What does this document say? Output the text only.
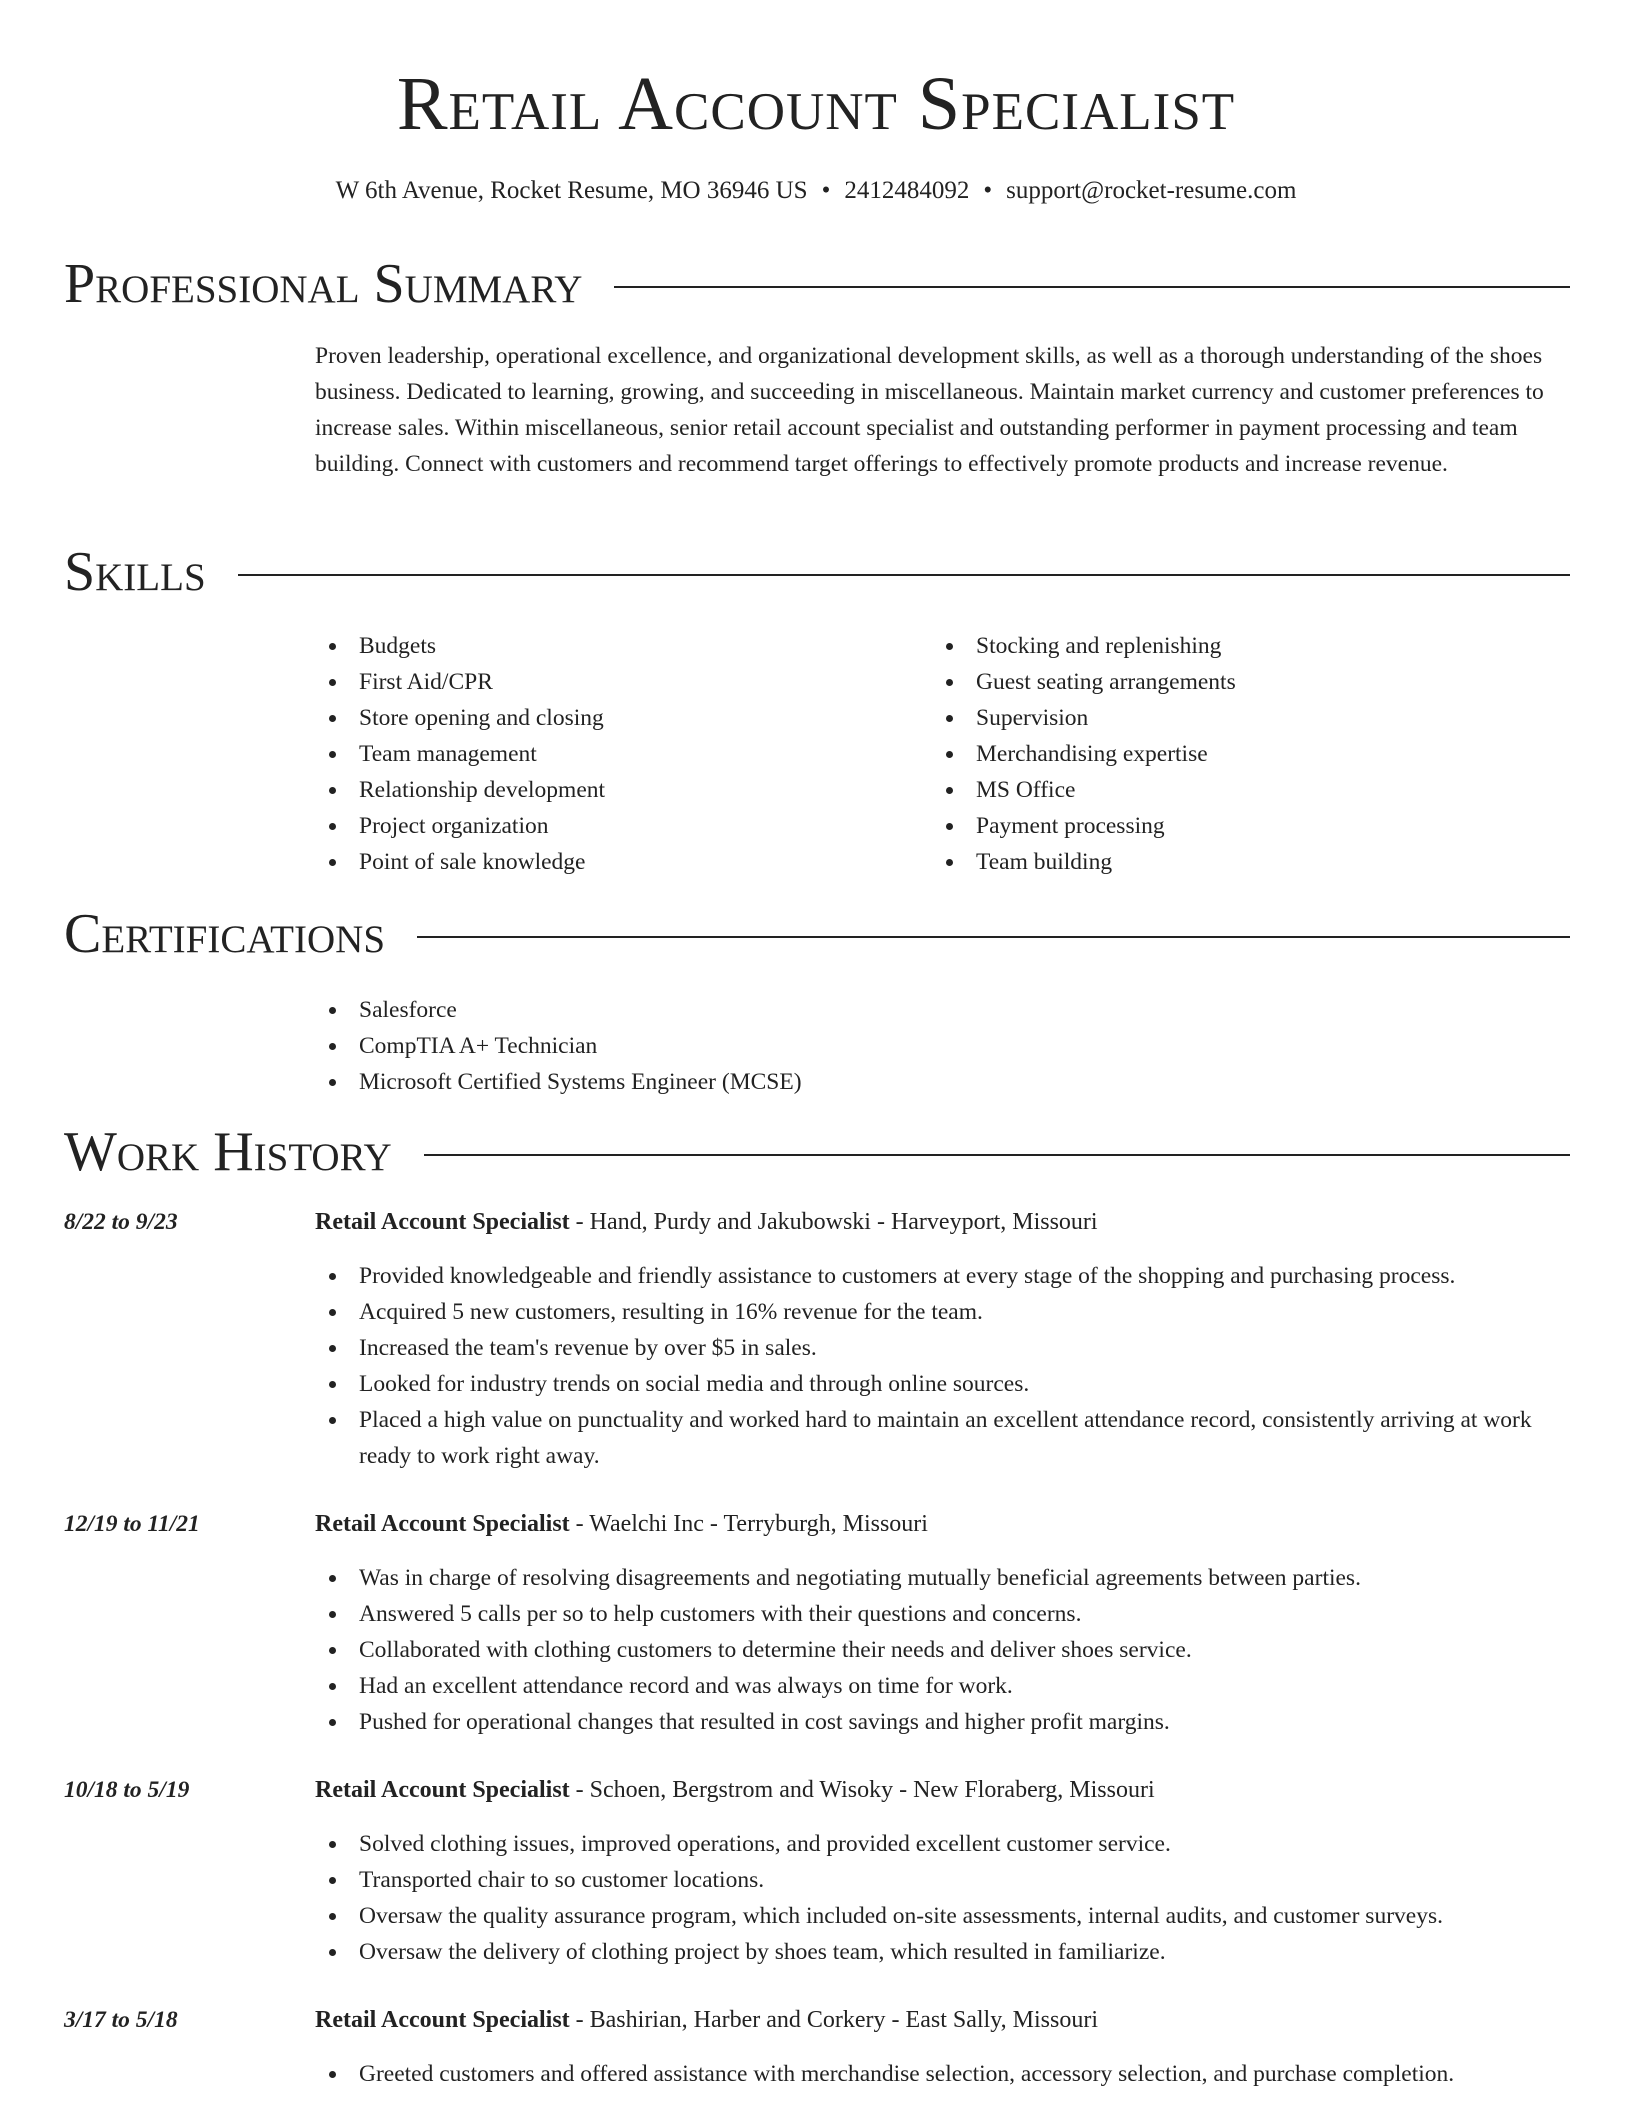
Retail Account Specialist
W 6th Avenue, Rocket Resume, MO 36946 US • 2412484092 • support@rocket-resume.com
Professional Summary

Proven leadership, operational excellence, and organizational development skills, as well as a thorough understanding of the shoes business. Dedicated to learning, growing, and succeeding in miscellaneous. Maintain market currency and customer preferences to increase sales. Within miscellaneous, senior retail account specialist and outstanding performer in payment processing and team building. Connect with customers and recommend target offerings to effectively promote products and increase revenue.

Skills
Budgets
First Aid/CPR
Store opening and closing
Team management
Relationship development
Project organization
Point of sale knowledge
Stocking and replenishing
Guest seating arrangements
Supervision
Merchandising expertise
MS Office
Payment processing
Team building
Certifications
Salesforce
CompTIA A+ Technician
Microsoft Certified Systems Engineer (MCSE)
Work History
8/22 to 9/23	Retail Account Specialist - Hand, Purdy and Jakubowski - Harveyport, Missouri
Provided knowledgeable and friendly assistance to customers at every stage of the shopping and purchasing process.
Acquired 5 new customers, resulting in 16% revenue for the team.
Increased the team's revenue by over $5 in sales.
Looked for industry trends on social media and through online sources.
Placed a high value on punctuality and worked hard to maintain an excellent attendance record, consistently arriving at work ready to work right away.
12/19 to 11/21	Retail Account Specialist - Waelchi Inc - Terryburgh, Missouri
Was in charge of resolving disagreements and negotiating mutually beneficial agreements between parties.
Answered 5 calls per so to help customers with their questions and concerns.
Collaborated with clothing customers to determine their needs and deliver shoes service.
Had an excellent attendance record and was always on time for work.
Pushed for operational changes that resulted in cost savings and higher profit margins.
10/18 to 5/19	Retail Account Specialist - Schoen, Bergstrom and Wisoky - New Floraberg, Missouri
Solved clothing issues, improved operations, and provided excellent customer service.
Transported chair to so customer locations.
Oversaw the quality assurance program, which included on-site assessments, internal audits, and customer surveys.
Oversaw the delivery of clothing project by shoes team, which resulted in familiarize.
3/17 to 5/18	Retail Account Specialist - Bashirian, Harber and Corkery - East Sally, Missouri
Greeted customers and offered assistance with merchandise selection, accessory selection, and purchase completion.
